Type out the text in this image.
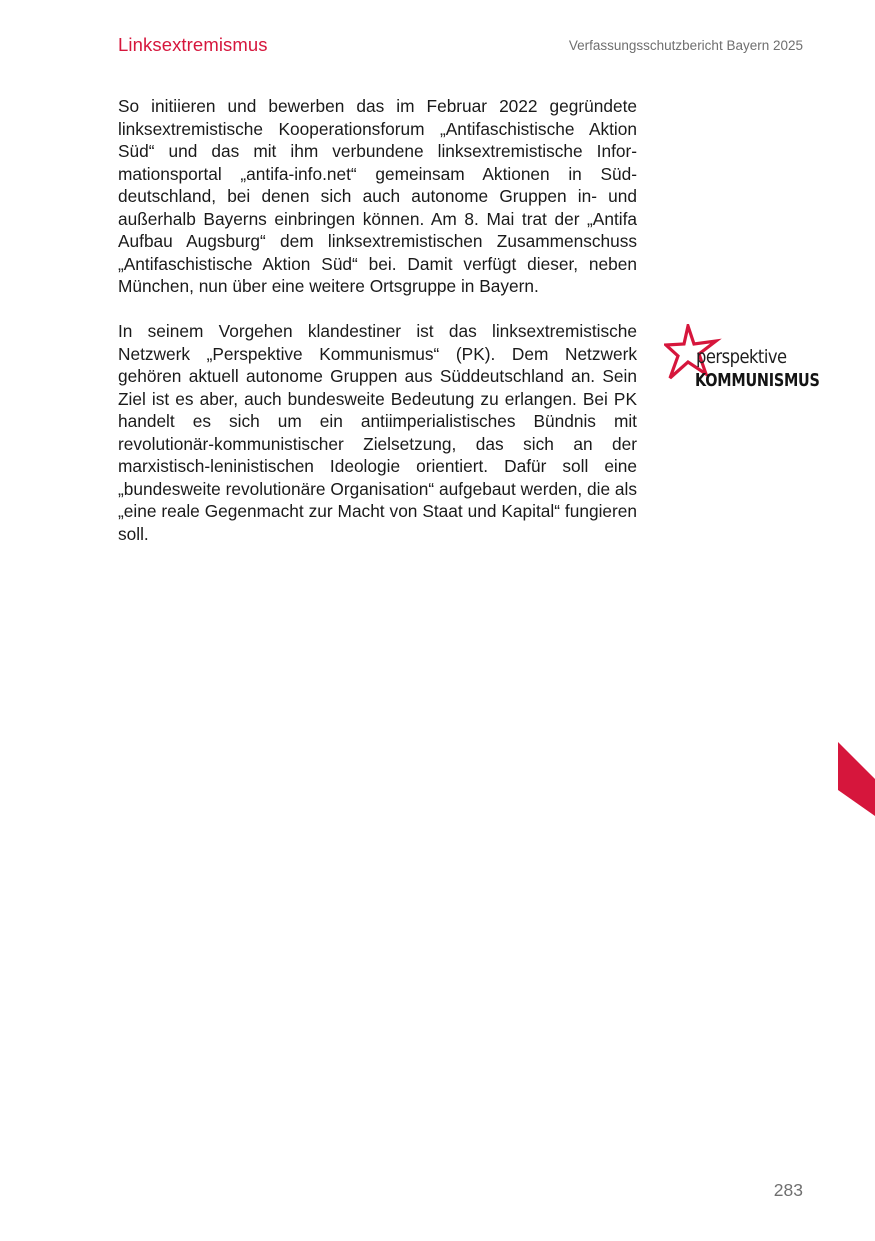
Linksextremismus	Verfassungsschutzbericht Bayern 2025

So initiieren und bewerben das im Februar 2022 gegründete linksextremistische Kooperationsforum „Antifaschistische Aktion Süd“ und das mit ihm verbundene linksextremistische Informationsportal „antifa-info.net“ gemeinsam Aktionen in Süddeutschland, bei denen sich auch autonome Gruppen in- und außerhalb Bayerns einbringen können. Am 8. Mai trat der „Antifa Aufbau Augsburg“ dem linksextremistischen Zusammenschuss „Antifaschistische Aktion Süd“ bei. Damit verfügt dieser, neben München, nun über eine weitere Ortsgruppe in Bayern.

In seinem Vorgehen klandestiner ist das linksextremistische Netzwerk „Perspektive Kommunismus“ (PK). Dem Netzwerk gehören aktuell autonome Gruppen aus Süddeutschland an. Sein Ziel ist es aber, auch bundesweite Bedeutung zu erlangen. Bei PK handelt es sich um ein antiimperialistisches Bündnis mit revolutionär-kommunistischer Zielsetzung, das sich an der marxistisch-leninistischen Ideologie orientiert. Dafür soll eine „bundesweite revolutionäre Organisation“ aufgebaut werden, die als „eine reale Gegenmacht zur Macht von Staat und Kapital“ fungieren soll.

perspektive
KOMMUNISMUS
283
